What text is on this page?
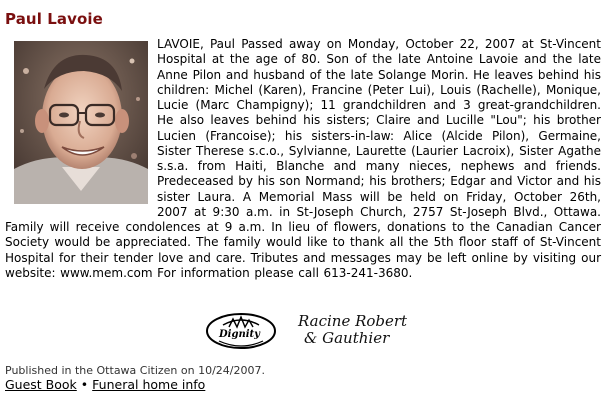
Paul Lavoie

LAVOIE, Paul Passed away on Monday, October 22, 2007 at St-Vincent Hospital at the age of 80. Son of the late Antoine Lavoie and the late Anne Pilon and husband of the late Solange Morin. He leaves behind his children: Michel (Karen), Francine (Peter Lui), Louis (Rachelle), Monique, Lucie (Marc Champigny); 11 grandchildren and 3 great-grandchildren. He also leaves behind his sisters; Claire and Lucille "Lou"; his brother Lucien (Francoise); his sisters-in-law: Alice (Alcide Pilon), Germaine, Sister Therese s.c.o., Sylvianne, Laurette (Laurier Lacroix), Sister Agathe s.s.a. from Haiti, Blanche and many nieces, nephews and friends. Predeceased by his son Normand; his brothers; Edgar and Victor and his sister Laura. A Memorial Mass will be held on Friday, October 26th, 2007 at 9:30 a.m. in St-Joseph Church, 2757 St-Joseph Blvd., Ottawa. Family will receive condolences at 9 a.m. In lieu of flowers, donations to the Canadian Cancer Society would be appreciated. The family would like to thank all the 5th floor staff of St-Vincent Hospital for their tender love and care. Tributes and messages may be left online by visiting our website: www.mem.com For information please call 613-241-3680.

Dignity
Racine Robert
& Gauthier
Published in the Ottawa Citizen on 10/24/2007.
Guest Book • Funeral home info
